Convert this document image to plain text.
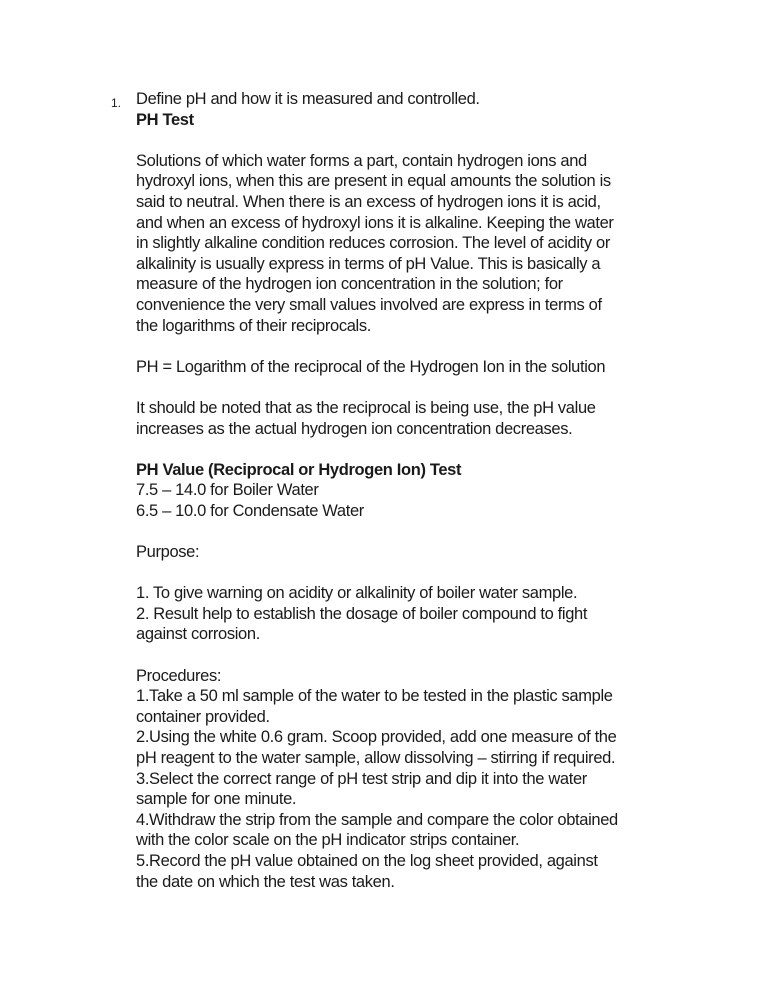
1. Define pH and how it is measured and controlled.

PH Test

Solutions of which water forms a part, contain hydrogen ions and

hydroxyl ions, when this are present in equal amounts the solution is

said to neutral. When there is an excess of hydrogen ions it is acid,

and when an excess of hydroxyl ions it is alkaline. Keeping the water

in slightly alkaline condition reduces corrosion. The level of acidity or

alkalinity is usually express in terms of pH Value. This is basically a

measure of the hydrogen ion concentration in the solution; for

convenience the very small values involved are express in terms of

the logarithms of their reciprocals.

PH = Logarithm of the reciprocal of the Hydrogen Ion in the solution

It should be noted that as the reciprocal is being use, the pH value

increases as the actual hydrogen ion concentration decreases.

PH Value (Reciprocal or Hydrogen Ion) Test

7.5 – 14.0 for Boiler Water

6.5 – 10.0 for Condensate Water

Purpose:

1. To give warning on acidity or alkalinity of boiler water sample.

2. Result help to establish the dosage of boiler compound to fight

against corrosion.

Procedures:

1.Take a 50 ml sample of the water to be tested in the plastic sample

container provided.

2.Using the white 0.6 gram. Scoop provided, add one measure of the

pH reagent to the water sample, allow dissolving – stirring if required.

3.Select the correct range of pH test strip and dip it into the water

sample for one minute.

4.Withdraw the strip from the sample and compare the color obtained

with the color scale on the pH indicator strips container.

5.Record the pH value obtained on the log sheet provided, against

the date on which the test was taken.
